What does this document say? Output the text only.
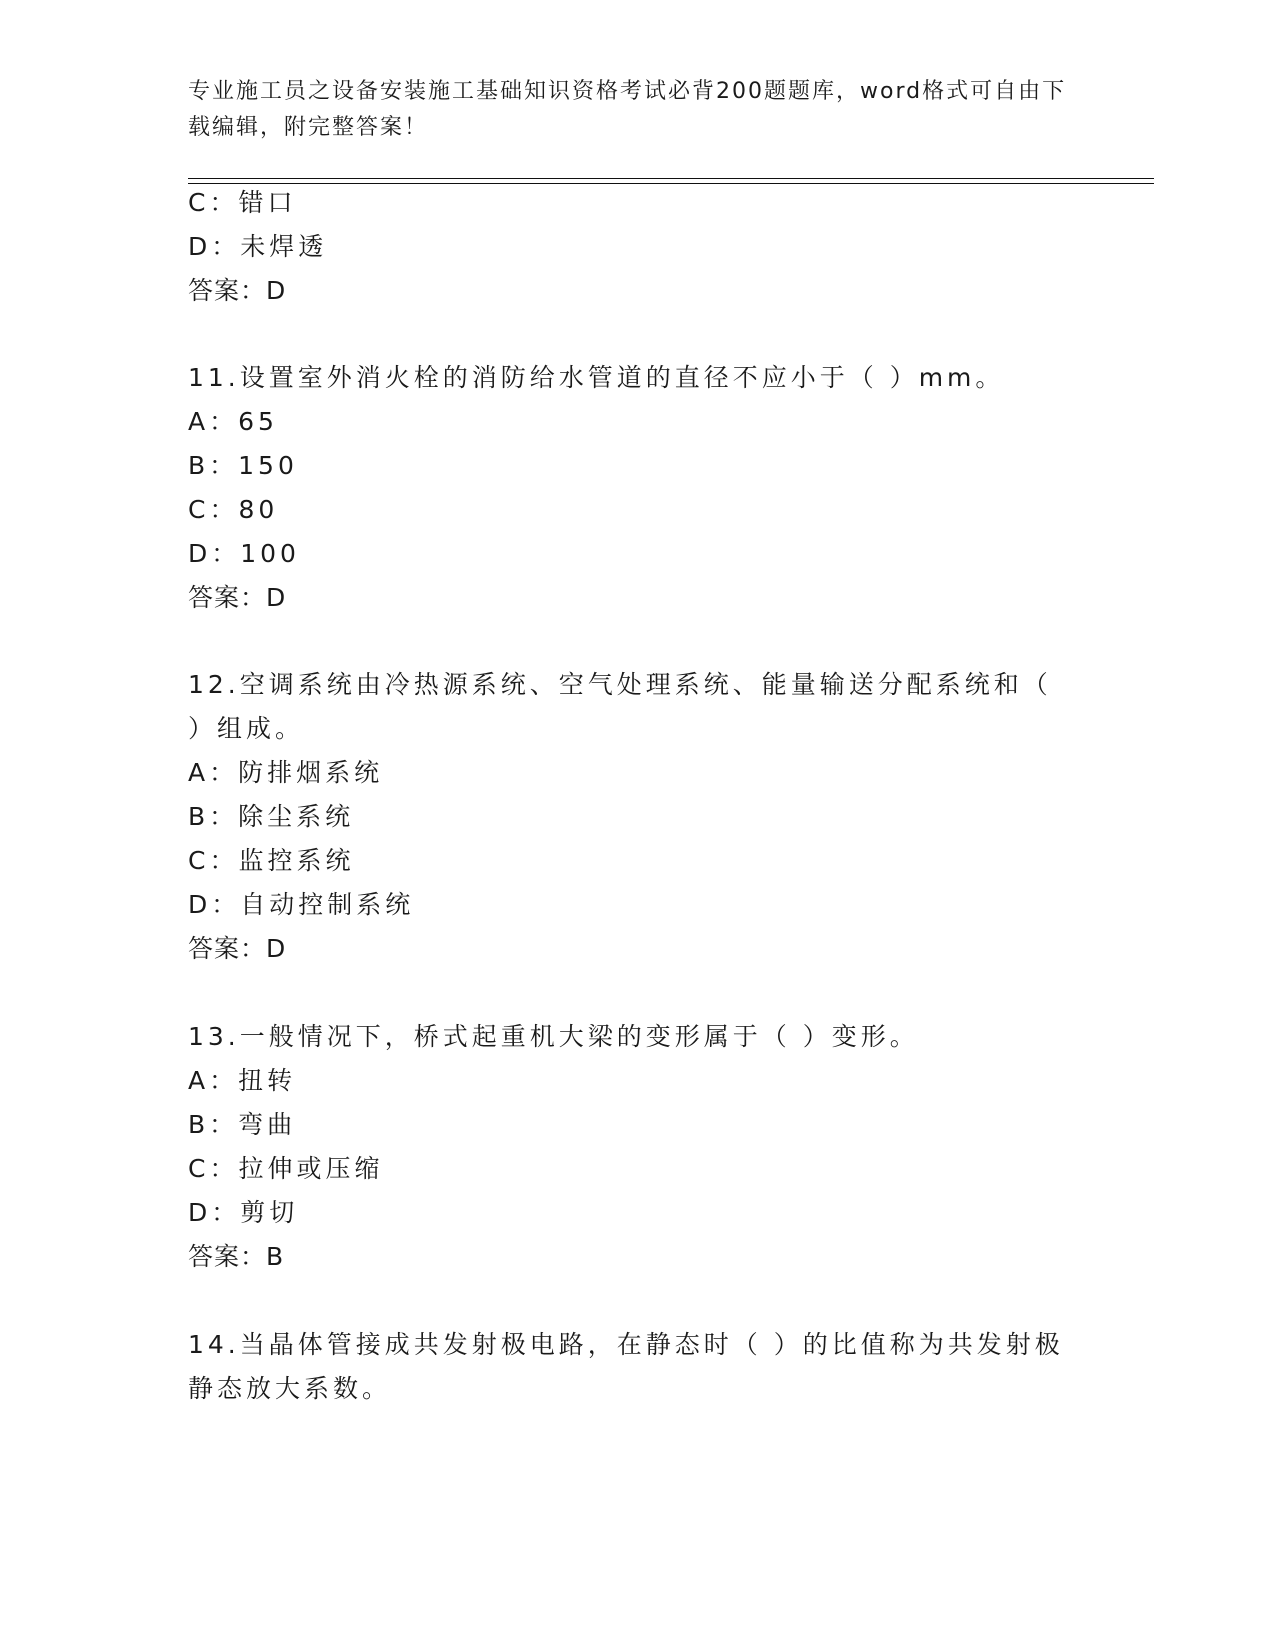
专业施工员之设备安装施工基础知识资格考试必背200题题库，word格式可自由下载编辑，附完整答案！
C：错口
D：未焊透
答案：D
11.设置室外消火栓的消防给水管道的直径不应小于（ ）mm。
A：65
B：150
C：80
D：100
答案：D
12.空调系统由冷热源系统、空气处理系统、能量输送分配系统和（
）组成。
A：防排烟系统
B：除尘系统
C：监控系统
D：自动控制系统
答案：D
13.一般情况下，桥式起重机大梁的变形属于（ ）变形。
A：扭转
B：弯曲
C：拉伸或压缩
D：剪切
答案：B
14.当晶体管接成共发射极电路，在静态时（ ）的比值称为共发射极
静态放大系数。
